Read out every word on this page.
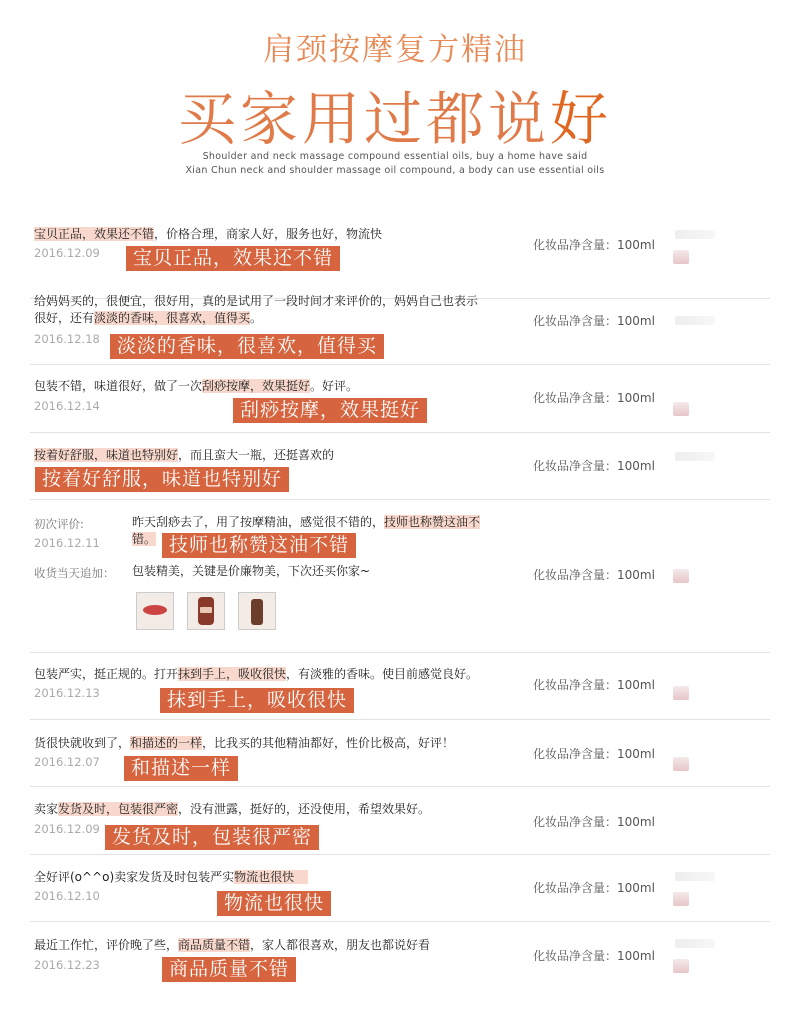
肩颈按摩复方精油
买家用过都说好
Shoulder and neck massage compound essential oils, buy a home have said
Xian Chun neck and shoulder massage oil compound, a body can use essential oils
宝贝正品，效果还不错，价格合理，商家人好，服务也好，物流快
2016.12.09	宝贝正品，效果还不错
化妆品净含量：100ml
给妈妈买的，很便宜，很好用，真的是试用了一段时间才来评价的，妈妈自己也表示
很好，还有淡淡的香味，很喜欢，值得买。
2016.12.18 淡淡的香味，很喜欢，值得买
化妆品净含量：100ml
包装不错，味道很好，做了一次刮痧按摩，效果挺好。好评。
2016.12.14	刮痧按摩，效果挺好
化妆品净含量：100ml
按着好舒服，味道也特别好，而且蛮大一瓶，还挺喜欢的
按着好舒服，味道也特别好
化妆品净含量：100ml
初次评价:
2016.12.11
昨天刮痧去了，用了按摩精油，感觉很不错的，技师也称赞这油不
错。 技师也称赞这油不错
收货当天追加： 包装精美，关键是价廉物美，下次还买你家~	化妆品净含量：100ml
包装严实，挺正规的。打开抹到手上，吸收很快，有淡雅的香味。使目前感觉良好。
2016.12.13	抹到手上，吸收很快
化妆品净含量：100ml
货很快就收到了，和描述的一样，比我买的其他精油都好，性价比极高，好评！
2016.12.07	和描述一样
化妆品净含量：100ml
卖家发货及时，包装很严密，没有泄露，挺好的，还没使用，希望效果好。
2016.12.09 发货及时，包装很严密
化妆品净含量：100ml
全好评(o^^o)卖家发货及时包装严实物流也很快
2016.12.10	物流也很快
化妆品净含量：100ml
最近工作忙，评价晚了些，商品质量不错，家人都很喜欢，朋友也都说好看
2016.12.23	商品质量不错
化妆品净含量：100ml
